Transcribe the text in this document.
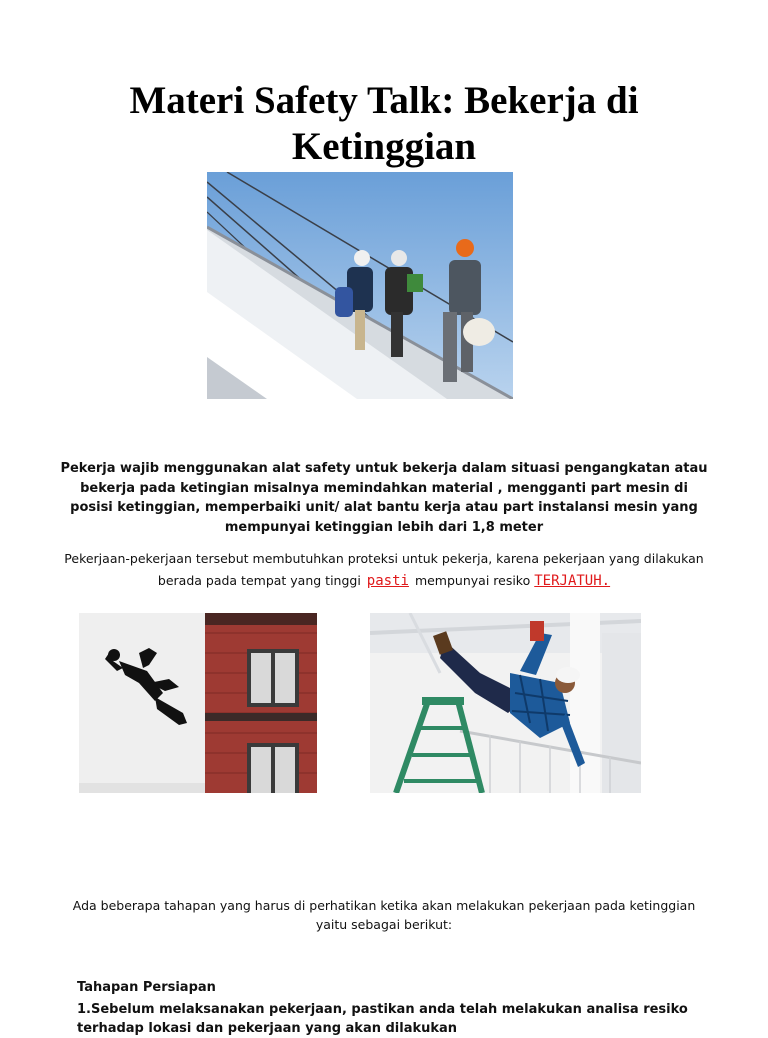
Materi Safety Talk: Bekerja di Ketinggian
Pekerja wajib menggunakan alat safety untuk bekerja dalam situasi pengangkatan atau bekerja pada ketingian misalnya memindahkan material , mengganti part mesin di posisi ketinggian, memperbaiki unit/ alat bantu kerja atau part instalansi mesin yang mempunyai ketinggian lebih dari 1,8 meter
Pekerjaan-pekerjaan tersebut membutuhkan proteksi untuk pekerja, karena pekerjaan yang dilakukan berada pada tempat yang tinggi pasti mempunyai resiko TERJATUH.
Ada beberapa tahapan yang harus di perhatikan ketika akan melakukan pekerjaan pada ketinggian yaitu sebagai berikut:
Tahapan Persiapan
1.Sebelum melaksanakan pekerjaan, pastikan anda telah melakukan analisa resiko terhadap lokasi dan pekerjaan yang akan dilakukan
